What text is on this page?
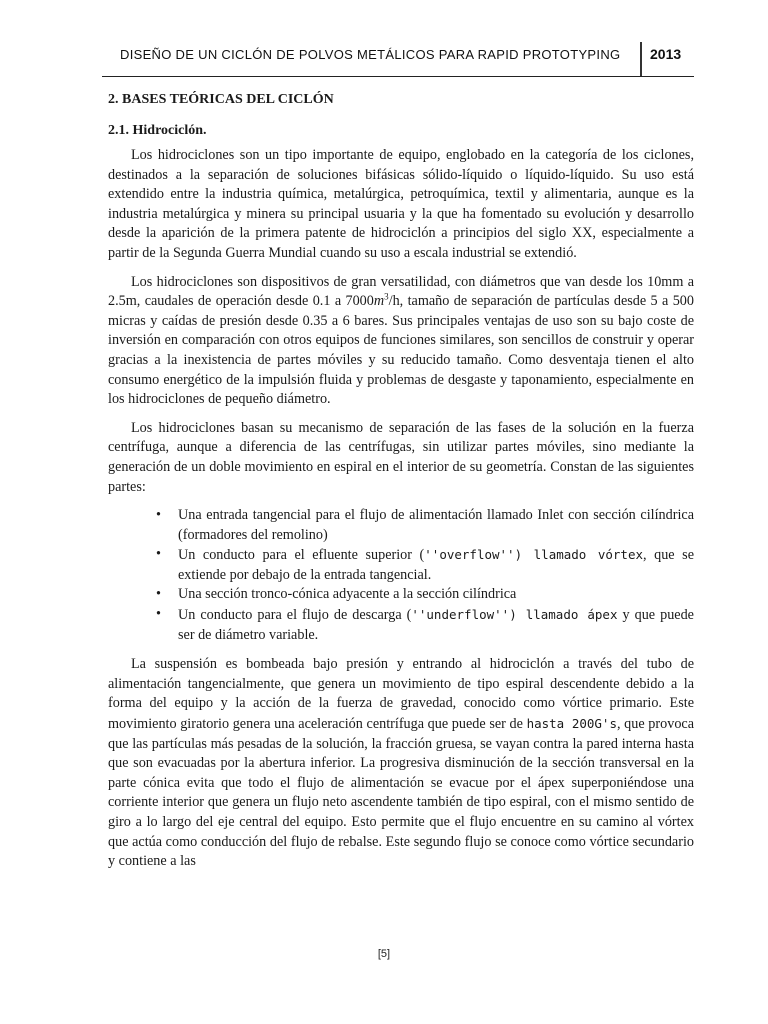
DISEÑO DE UN CICLÓN DE POLVOS METÁLICOS PARA RAPID PROTOTYPING 2013
2. BASES TEÓRICAS DEL CICLÓN
2.1. Hidrociclón.

Los hidrociclones son un tipo importante de equipo, englobado en la categoría de los ciclones, destinados a la separación de soluciones bifásicas sólido-líquido o líquido-líquido. Su uso está extendido entre la industria química, metalúrgica, petroquímica, textil y alimentaria, aunque es la industria metalúrgica y minera su principal usuaria y la que ha fomentado su evolución y desarrollo desde la aparición de la primera patente de hidrociclón a principios del siglo XX, especialmente a partir de la Segunda Guerra Mundial cuando su uso a escala industrial se extendió.

Los hidrociclones son dispositivos de gran versatilidad, con diámetros que van desde los 10mm a 2.5m, caudales de operación desde 0.1 a $7000m^3/h$, tamaño de separación de partículas desde 5 a 500 micras y caídas de presión desde 0.35 a 6 bares. Sus principales ventajas de uso son su bajo coste de inversión en comparación con otros equipos de funciones similares, son sencillos de construir y operar gracias a la inexistencia de partes móviles y su reducido tamaño. Como desventaja tienen el alto consumo energético de la impulsión fluida y problemas de desgaste y taponamiento, especialmente en los hidrociclones de pequeño diámetro.

Los hidrociclones basan su mecanismo de separación de las fases de la solución en la fuerza centrífuga, aunque a diferencia de las centrífugas, sin utilizar partes móviles, sino mediante la generación de un doble movimiento en espiral en el interior de su geometría. Constan de las siguientes partes:

• Una entrada tangencial para el flujo de alimentación llamado Inlet con sección cilíndrica (formadores del remolino)
• Un conducto para el efluente superior (''overflow'') llamado vórtex, que se extiende por debajo de la entrada tangencial.
• Una sección tronco-cónica adyacente a la sección cilíndrica
• Un conducto para el flujo de descarga (''underflow'') llamado ápex y que puede ser de diámetro variable.

La suspensión es bombeada bajo presión y entrando al hidrociclón a través del tubo de alimentación tangencialmente, que genera un movimiento de tipo espiral descendente debido a la forma del equipo y la acción de la fuerza de gravedad, conocido como vórtice primario. Este movimiento giratorio genera una aceleración centrífuga que puede ser de hasta 200G's, que provoca que las partículas más pesadas de la solución, la fracción gruesa, se vayan contra la pared interna hasta que son evacuadas por la abertura inferior. La progresiva disminución de la sección transversal en la parte cónica evita que todo el flujo de alimentación se evacue por el ápex superponiéndose una corriente interior que genera un flujo neto ascendente también de tipo espiral, con el mismo sentido de giro a lo largo del eje central del equipo. Esto permite que el flujo encuentre en su camino al vórtex que actúa como conducción del flujo de rebalse. Este segundo flujo se conoce como vórtice secundario y contiene a las

[5]
